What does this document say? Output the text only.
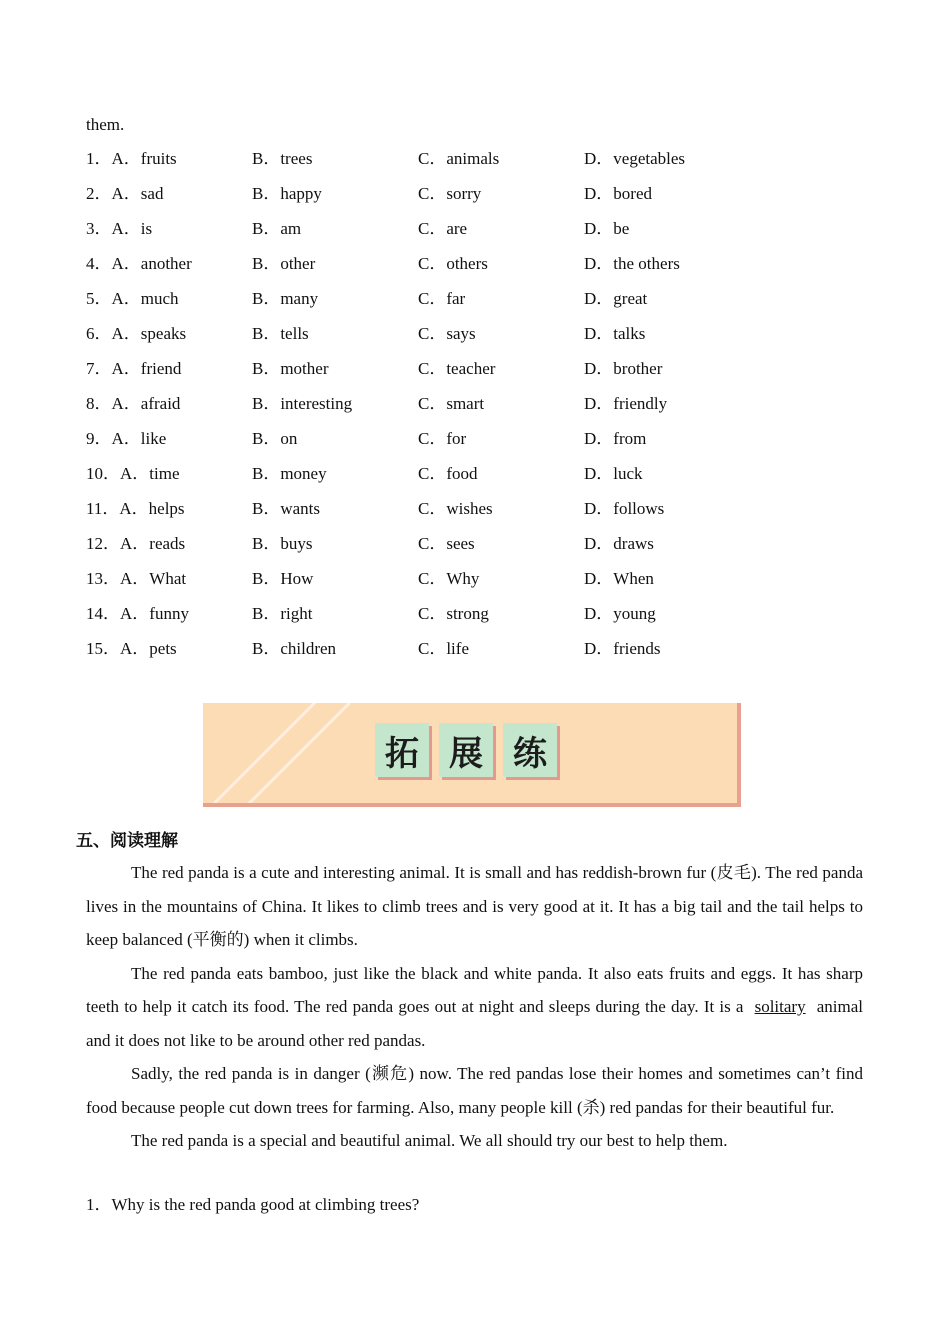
them.
1．A．fruits	B．trees	C．animals	D．vegetables
2．A．sad	B．happy	C．sorry	D．bored
3．A．is	B．am	C．are	D．be
4．A．another	B．other	C．others	D．the others
5．A．much	B．many	C．far	D．great
6．A．speaks	B．tells	C．says	D．talks
7．A．friend	B．mother	C．teacher	D．brother
8．A．afraid	B．interesting	C．smart	D．friendly
9．A．like	B．on	C．for	D．from
10．A．time	B．money	C．food	D．luck
11．A．helps	B．wants	C．wishes	D．follows
12．A．reads	B．buys	C．sees	D．draws
13．A．What	B．How	C．Why	D．When
14．A．funny	B．right	C．strong	D．young
15．A．pets	B．children	C．life	D．friends
拓 展 练
五、阅读理解

The red panda is a cute and interesting animal. It is small and has reddish-brown fur (皮毛). The red panda lives in the mountains of China. It likes to climb trees and is very good at it. It has a big tail and the tail helps to keep balanced (平衡的) when it climbs.

The red panda eats bamboo, just like the black and white panda. It also eats fruits and eggs. It has sharp teeth to help it catch its food. The red panda goes out at night and sleeps during the day. It is a solitary animal and it does not like to be around other red pandas.

Sadly, the red panda is in danger (濒危) now. The red pandas lose their homes and sometimes can’t find food because people cut down trees for farming. Also, many people kill (杀) red pandas for their beautiful fur.

The red panda is a special and beautiful animal. We all should try our best to help them.

1．Why is the red panda good at climbing trees?
